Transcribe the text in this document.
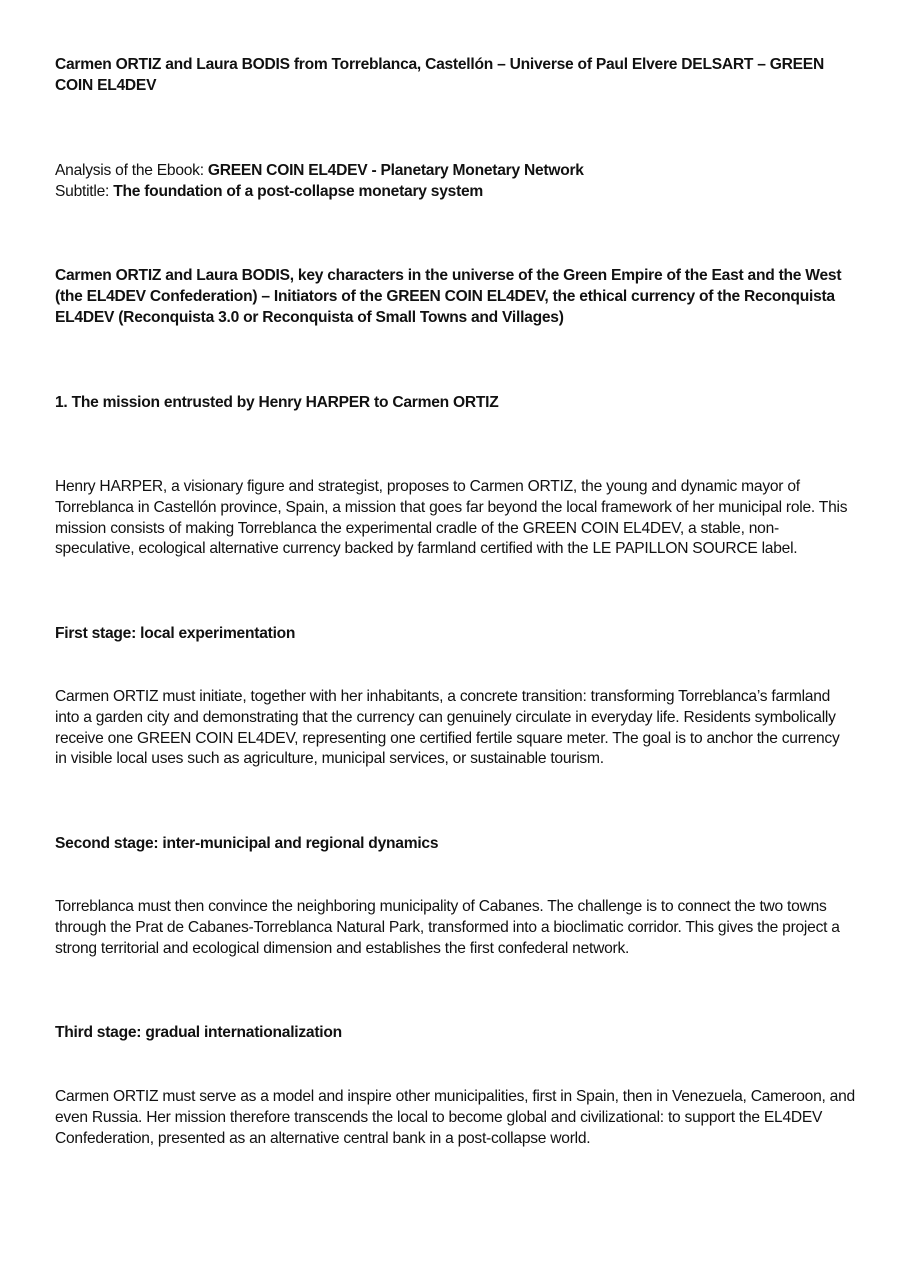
Carmen ORTIZ and Laura BODIS from Torreblanca, Castellón – Universe of Paul Elvere DELSART – GREEN COIN EL4DEV

Analysis of the Ebook: GREEN COIN EL4DEV - Planetary Monetary Network
Subtitle: The foundation of a post-collapse monetary system

Carmen ORTIZ and Laura BODIS, key characters in the universe of the Green Empire of the East and the West (the EL4DEV Confederation) – Initiators of the GREEN COIN EL4DEV, the ethical currency of the Reconquista EL4DEV (Reconquista 3.0 or Reconquista of Small Towns and Villages)

1. The mission entrusted by Henry HARPER to Carmen ORTIZ

Henry HARPER, a visionary figure and strategist, proposes to Carmen ORTIZ, the young and dynamic mayor of Torreblanca in Castellón province, Spain, a mission that goes far beyond the local framework of her municipal role. This mission consists of making Torreblanca the experimental cradle of the GREEN COIN EL4DEV, a stable, non-speculative, ecological alternative currency backed by farmland certified with the LE PAPILLON SOURCE label.

First stage: local experimentation

Carmen ORTIZ must initiate, together with her inhabitants, a concrete transition: transforming Torreblanca’s farmland into a garden city and demonstrating that the currency can genuinely circulate in everyday life. Residents symbolically receive one GREEN COIN EL4DEV, representing one certified fertile square meter. The goal is to anchor the currency in visible local uses such as agriculture, municipal services, or sustainable tourism.

Second stage: inter-municipal and regional dynamics

Torreblanca must then convince the neighboring municipality of Cabanes. The challenge is to connect the two towns through the Prat de Cabanes-Torreblanca Natural Park, transformed into a bioclimatic corridor. This gives the project a strong territorial and ecological dimension and establishes the first confederal network.

Third stage: gradual internationalization

Carmen ORTIZ must serve as a model and inspire other municipalities, first in Spain, then in Venezuela, Cameroon, and even Russia. Her mission therefore transcends the local to become global and civilizational: to support the EL4DEV Confederation, presented as an alternative central bank in a post-collapse world.
